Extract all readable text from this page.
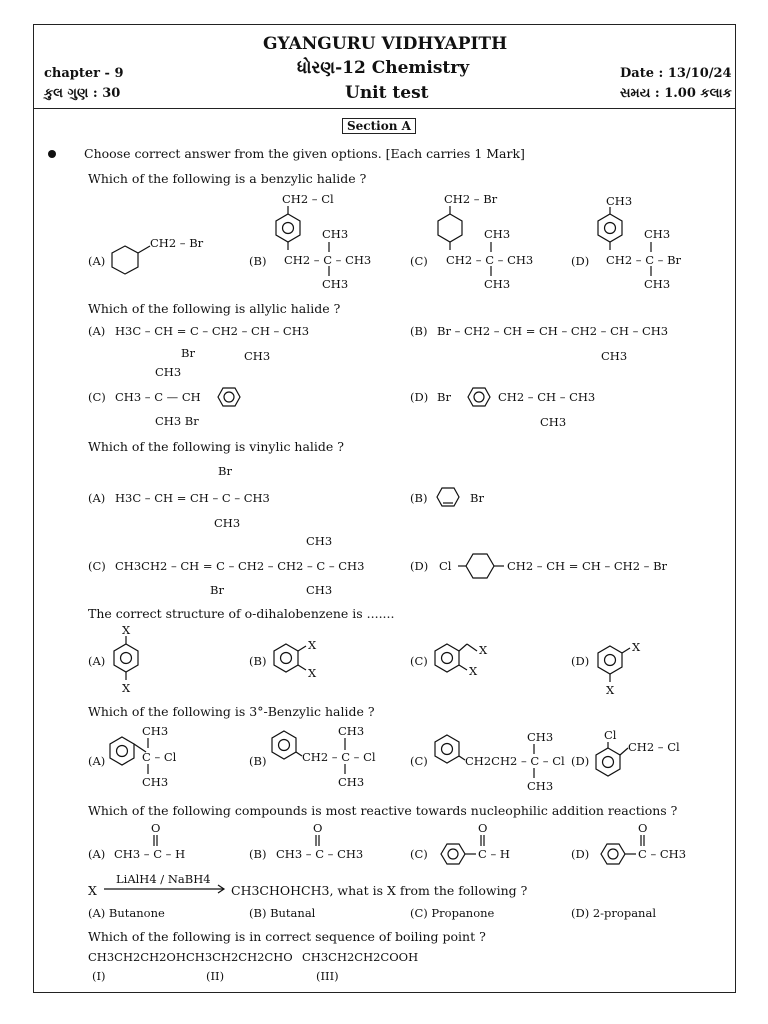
GYANGURU VIDHYAPITH
ધોરણ-12 Chemistry
Unit test
chapter - 9
કુલ ગુણ : 30
Date : 13/10/24
સમય : 1.00 કલાક
Section A
Choose correct answer from the given options. [Each carries 1 Mark]
Which of the following is a benzylic halide ?
(A)	(B)	(C)	(D)
CH2 – Br
CH2 – Cl
CH2 – C – CH3
CH3
CH3
CH2 – Br
CH2 – C – CH3
CH3
CH3
CH3
CH2 – C – Br
CH3
CH3
Which of the following is allylic halide ?
(A) H3C – CH = C – CH2 – CH – CH3
Br	CH3
(B) Br – CH2 – CH = CH – CH2 – CH – CH3
CH3
(C)
CH3
CH3 – C — CH
CH3 Br
(D) Br	CH2 – CH – CH3
CH3
Which of the following is vinylic halide ?
Br
(A) H3C – CH = CH – C – CH3
CH3
(B)	Br
CH3
(C) CH3CH2 – CH = C – CH2 – CH2 – C – CH3
Br	CH3
(D) Cl	CH2 – CH = CH – CH2 – Br
The correct structure of o-dihalobenzene is .......
(A)
X
X
(B)
X
X
(C)
X
X
(D)
X
X
Which of the following is 3°-Benzylic halide ?
(A)
CH3
C – Cl
CH3
(B)	CH2 – C – Cl
CH3
CH3
(C)	CH2CH2 – C – Cl
CH3
CH3
(D)
Cl
CH2 – Cl
Which of the following compounds is most reactive towards nucleophilic addition reactions ?
(A)
O
CH3 – C – H	(B)
O
CH3 – C – CH3	(C)
O
C – H	(D)
O
C – CH3
X
LiAlH4 / NaBH4
CH3CHOHCH3, what is X from the following ?
(A) Butanone	(B) Butanal	(C) Propanone	(D) 2-propanal
Which of the following is in correct sequence of boiling point ?
CH3CH2CH2OH CH3CH2CH2CHO CH3CH2CH2COOH
(I)	(II)	(III)
